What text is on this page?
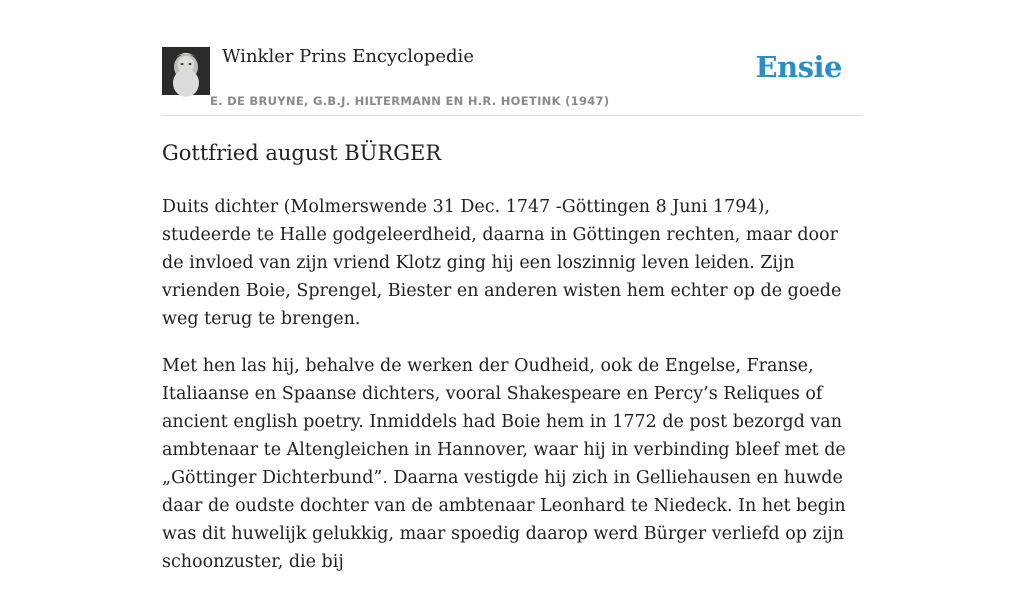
Winkler Prins Encyclopedie
E. DE BRUYNE, G.B.J. HILTERMANN EN H.R. HOETINK (1947)
Ensie
Gottfried august BÜRGER

Duits dichter (Molmerswende 31 Dec. 1747 -Göttingen 8 Juni 1794), studeerde te Halle godgeleerdheid, daarna in Göttingen rechten, maar door de invloed van zijn vriend Klotz ging hij een loszinnig leven leiden. Zijn vrienden Boie, Sprengel, Biester en anderen wisten hem echter op de goede weg terug te brengen.

Met hen las hij, behalve de werken der Oudheid, ook de Engelse, Franse, Italiaanse en Spaanse dichters, vooral Shakespeare en Percy’s Reliques of ancient english poetry. Inmiddels had Boie hem in 1772 de post bezorgd van ambtenaar te Altengleichen in Hannover, waar hij in verbinding bleef met de „Göttinger Dichterbund”. Daarna vestigde hij zich in Gelliehausen en huwde daar de oudste dochter van de ambtenaar Leonhard te Niedeck. In het begin was dit huwelijk gelukkig, maar spoedig daarop werd Bürger verliefd op zijn schoonzuster, die bij
